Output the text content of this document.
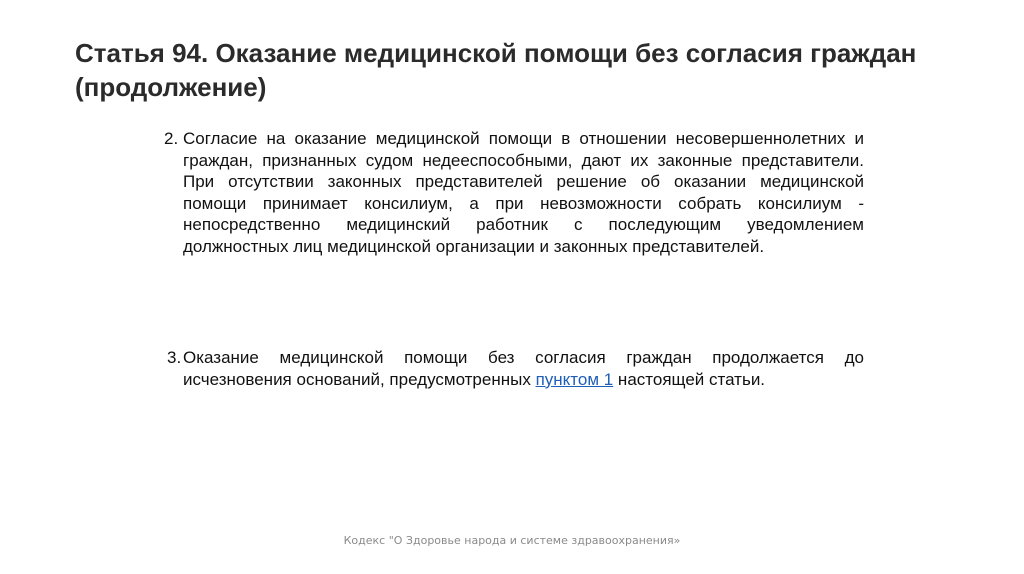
Статья 94. Оказание медицинской помощи без согласия граждан (продолжение)
2. Согласие на оказание медицинской помощи в отношении несовершеннолетних и граждан, признанных судом недееспособными, дают их законные представители. При отсутствии законных представителей решение об оказании медицинской помощи принимает консилиум, а при невозможности собрать консилиум - непосредственно медицинский работник с последующим уведомлением должностных лиц медицинской организации и законных представителей.
3. Оказание медицинской помощи без согласия граждан продолжается до исчезновения оснований, предусмотренных пунктом 1 настоящей статьи.
Кодекс "О Здоровье народа и системе здравоохранения»
